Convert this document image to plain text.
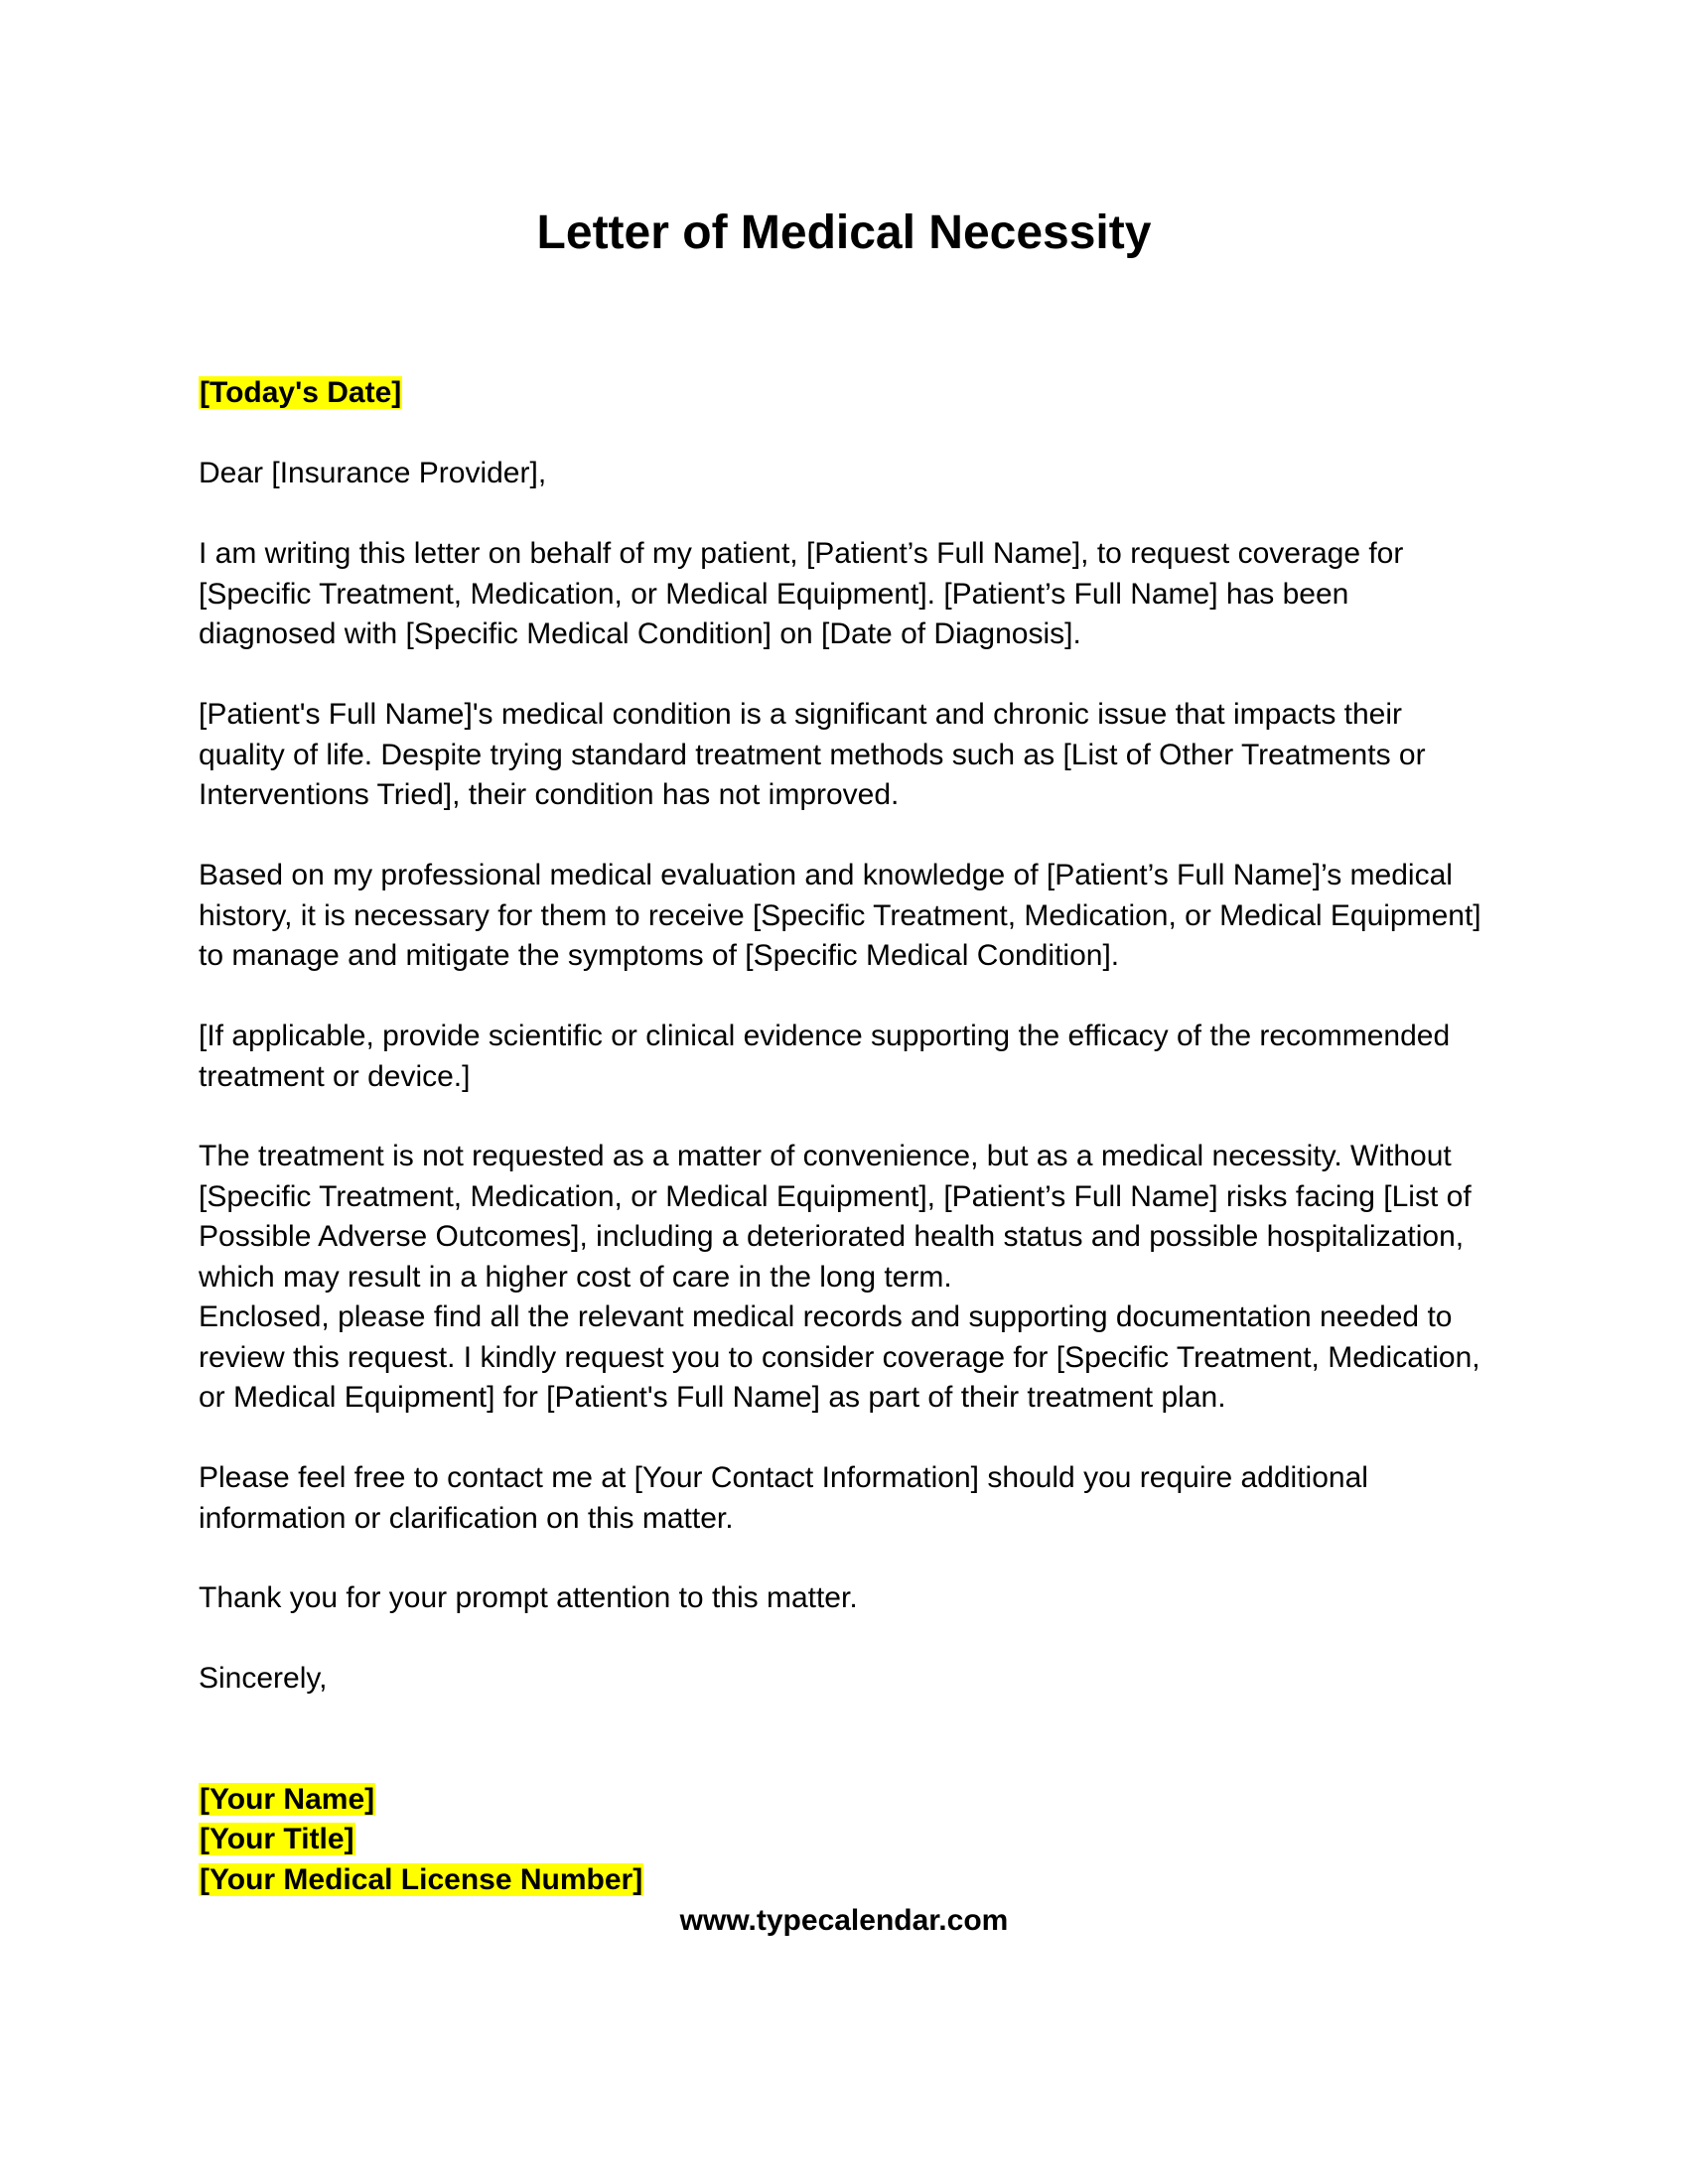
Letter of Medical Necessity

[Today's Date]

Dear [Insurance Provider],

I am writing this letter on behalf of my patient, [Patient’s Full Name], to request coverage for [Specific Treatment, Medication, or Medical Equipment]. [Patient’s Full Name] has been diagnosed with [Specific Medical Condition] on [Date of Diagnosis].

[Patient's Full Name]'s medical condition is a significant and chronic issue that impacts their quality of life. Despite trying standard treatment methods such as [List of Other Treatments or Interventions Tried], their condition has not improved.

Based on my professional medical evaluation and knowledge of [Patient’s Full Name]’s medical history, it is necessary for them to receive [Specific Treatment, Medication, or Medical Equipment] to manage and mitigate the symptoms of [Specific Medical Condition].

[If applicable, provide scientific or clinical evidence supporting the efficacy of the recommended treatment or device.]

The treatment is not requested as a matter of convenience, but as a medical necessity. Without [Specific Treatment, Medication, or Medical Equipment], [Patient’s Full Name] risks facing [List of Possible Adverse Outcomes], including a deteriorated health status and possible hospitalization, which may result in a higher cost of care in the long term.

Enclosed, please find all the relevant medical records and supporting documentation needed to review this request. I kindly request you to consider coverage for [Specific Treatment, Medication, or Medical Equipment] for [Patient's Full Name] as part of their treatment plan.

Please feel free to contact me at [Your Contact Information] should you require additional information or clarification on this matter.

Thank you for your prompt attention to this matter.

Sincerely,

[Your Name]

[Your Title]

[Your Medical License Number]

www.typecalendar.com
